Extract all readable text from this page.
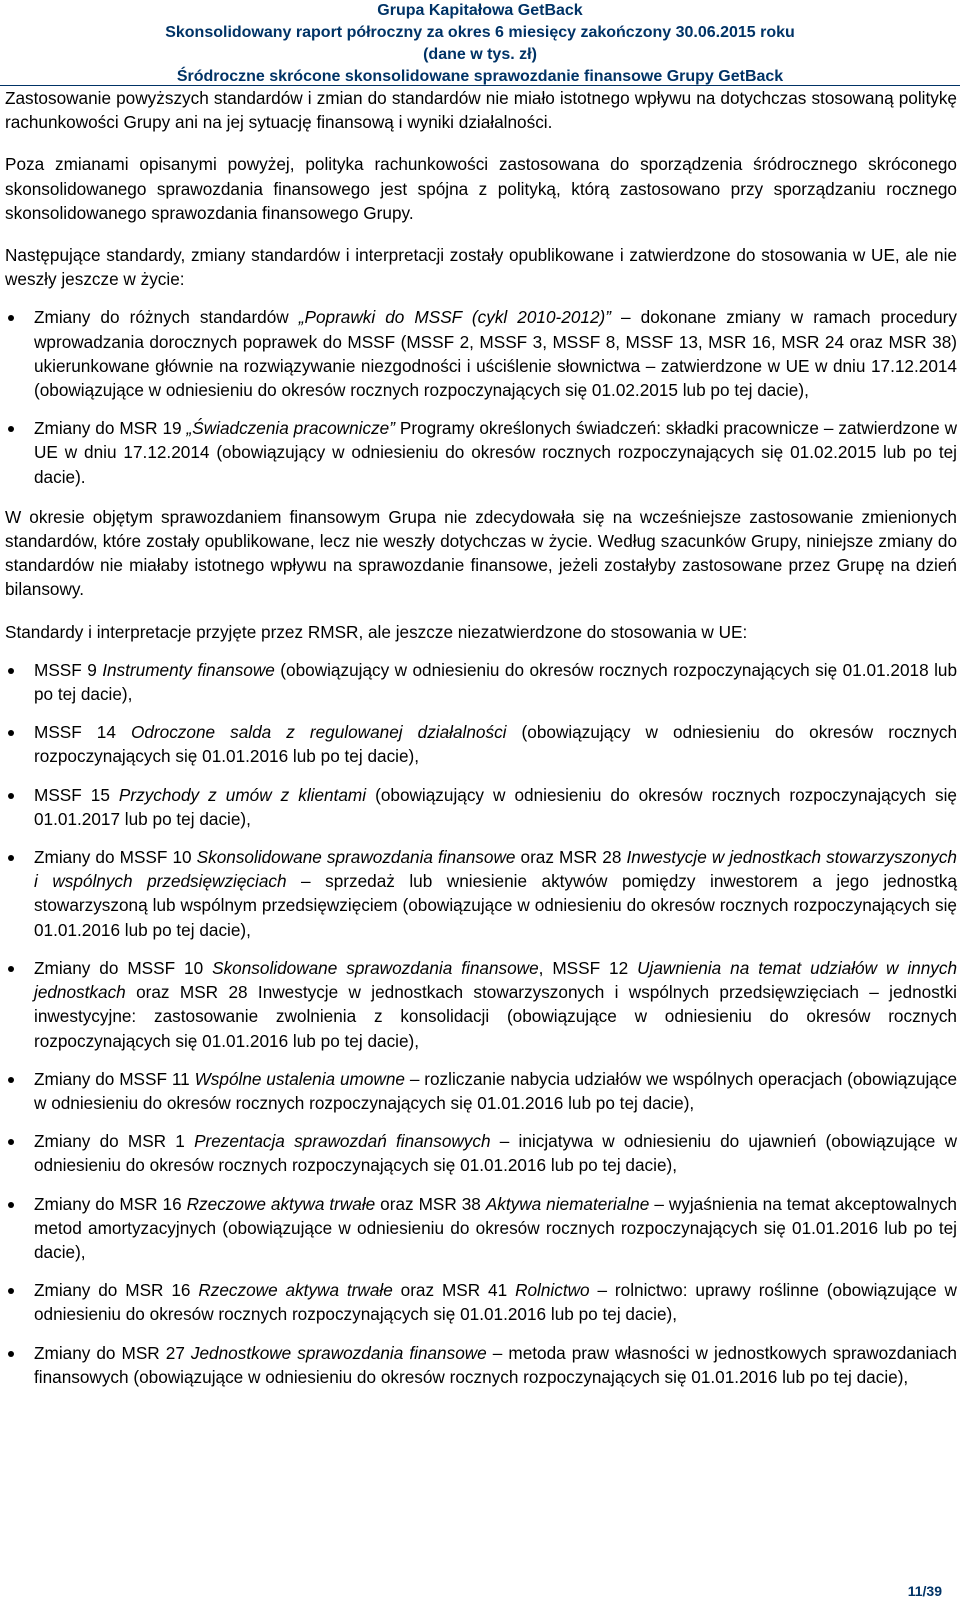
Grupa Kapitałowa GetBack
Skonsolidowany raport półroczny za okres 6 miesięcy zakończony 30.06.2015 roku
(dane w tys. zł)
Śródroczne skrócone skonsolidowane sprawozdanie finansowe Grupy GetBack

Zastosowanie powyższych standardów i zmian do standardów nie miało istotnego wpływu na dotychczas stosowaną politykę rachunkowości Grupy ani na jej sytuację finansową i wyniki działalności.

Poza zmianami opisanymi powyżej, polityka rachunkowości zastosowana do sporządzenia śródrocznego skróconego skonsolidowanego sprawozdania finansowego jest spójna z polityką, którą zastosowano przy sporządzaniu rocznego skonsolidowanego sprawozdania finansowego Grupy.

Następujące standardy, zmiany standardów i interpretacji zostały opublikowane i zatwierdzone do stosowania w UE, ale nie weszły jeszcze w życie:

Zmiany do różnych standardów „Poprawki do MSSF (cykl 2010-2012)” – dokonane zmiany w ramach procedury wprowadzania dorocznych poprawek do MSSF (MSSF 2, MSSF 3, MSSF 8, MSSF 13, MSR 16, MSR 24 oraz MSR 38) ukierunkowane głównie na rozwiązywanie niezgodności i uściślenie słownictwa – zatwierdzone w UE w dniu 17.12.2014 (obowiązujące w odniesieniu do okresów rocznych rozpoczynających się 01.02.2015 lub po tej dacie),
Zmiany do MSR 19 „Świadczenia pracownicze” Programy określonych świadczeń: składki pracownicze – zatwierdzone w UE w dniu 17.12.2014 (obowiązujący w odniesieniu do okresów rocznych rozpoczynających się 01.02.2015 lub po tej dacie).

W okresie objętym sprawozdaniem finansowym Grupa nie zdecydowała się na wcześniejsze zastosowanie zmienionych standardów, które zostały opublikowane, lecz nie weszły dotychczas w życie. Według szacunków Grupy, niniejsze zmiany do standardów nie miałaby istotnego wpływu na sprawozdanie finansowe, jeżeli zostałyby zastosowane przez Grupę na dzień bilansowy.

Standardy i interpretacje przyjęte przez RMSR, ale jeszcze niezatwierdzone do stosowania w UE:

MSSF 9 Instrumenty finansowe (obowiązujący w odniesieniu do okresów rocznych rozpoczynających się 01.01.2018 lub po tej dacie),
MSSF 14 Odroczone salda z regulowanej działalności (obowiązujący w odniesieniu do okresów rocznych rozpoczynających się 01.01.2016 lub po tej dacie),
MSSF 15 Przychody z umów z klientami (obowiązujący w odniesieniu do okresów rocznych rozpoczynających się 01.01.2017 lub po tej dacie),
Zmiany do MSSF 10 Skonsolidowane sprawozdania finansowe oraz MSR 28 Inwestycje w jednostkach stowarzyszonych i wspólnych przedsięwzięciach – sprzedaż lub wniesienie aktywów pomiędzy inwestorem a jego jednostką stowarzyszoną lub wspólnym przedsięwzięciem (obowiązujące w odniesieniu do okresów rocznych rozpoczynających się 01.01.2016 lub po tej dacie),
Zmiany do MSSF 10 Skonsolidowane sprawozdania finansowe, MSSF 12 Ujawnienia na temat udziałów w innych jednostkach oraz MSR 28 Inwestycje w jednostkach stowarzyszonych i wspólnych przedsięwzięciach – jednostki inwestycyjne: zastosowanie zwolnienia z konsolidacji (obowiązujące w odniesieniu do okresów rocznych rozpoczynających się 01.01.2016 lub po tej dacie),
Zmiany do MSSF 11 Wspólne ustalenia umowne – rozliczanie nabycia udziałów we wspólnych operacjach (obowiązujące w odniesieniu do okresów rocznych rozpoczynających się 01.01.2016 lub po tej dacie),
Zmiany do MSR 1 Prezentacja sprawozdań finansowych – inicjatywa w odniesieniu do ujawnień (obowiązujące w odniesieniu do okresów rocznych rozpoczynających się 01.01.2016 lub po tej dacie),
Zmiany do MSR 16 Rzeczowe aktywa trwałe oraz MSR 38 Aktywa niematerialne – wyjaśnienia na temat akceptowalnych metod amortyzacyjnych (obowiązujące w odniesieniu do okresów rocznych rozpoczynających się 01.01.2016 lub po tej dacie),
Zmiany do MSR 16 Rzeczowe aktywa trwałe oraz MSR 41 Rolnictwo – rolnictwo: uprawy roślinne (obowiązujące w odniesieniu do okresów rocznych rozpoczynających się 01.01.2016 lub po tej dacie),
Zmiany do MSR 27 Jednostkowe sprawozdania finansowe – metoda praw własności w jednostkowych sprawozdaniach finansowych (obowiązujące w odniesieniu do okresów rocznych rozpoczynających się 01.01.2016 lub po tej dacie),
11/39
